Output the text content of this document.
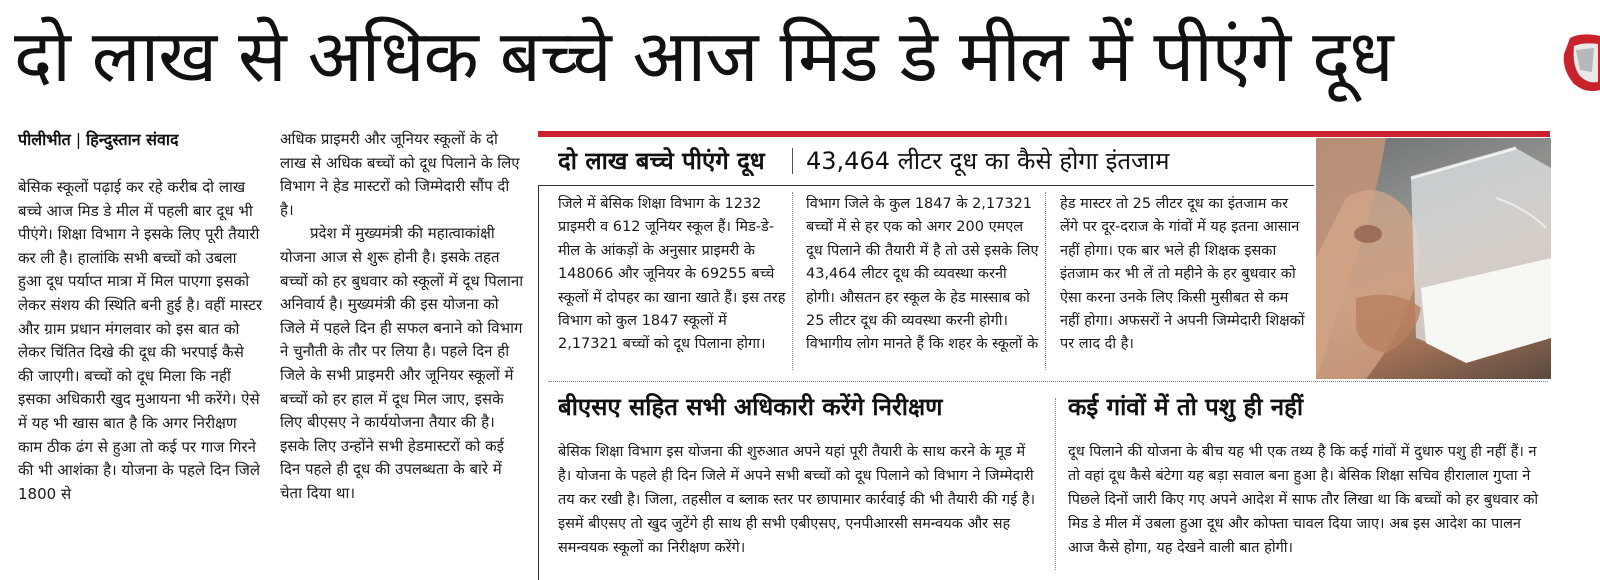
दो लाख से अधिक बच्चे आज मिड डे मील में पीएंगे दूध
पीलीभीत | हिन्दुस्तान संवाद

बेसिक स्कूलों पढ़ाई कर रहे करीब दो लाख बच्चे आज मिड डे मील में पहली बार दूध भी पीएंगे। शिक्षा विभाग ने इसके लिए पूरी तैयारी कर ली है। हालांकि सभी बच्चों को उबला हुआ दूध पर्याप्त मात्रा में मिल पाएगा इसको लेकर संशय की स्थिति बनी हुई है। वहीं मास्टर और ग्राम प्रधान मंगलवार को इस बात को लेकर चिंतित दिखे की दूध की भरपाई कैसे की जाएगी। बच्चों को दूध मिला कि नहीं इसका अधिकारी खुद मुआयना भी करेंगे। ऐसे में यह भी खास बात है कि अगर निरीक्षण काम ठीक ढंग से हुआ तो कई पर गाज गिरने की भी आशंका है। योजना के पहले दिन जिले 1800 से

अधिक प्राइमरी और जूनियर स्कूलों के दो लाख से अधिक बच्चों को दूध पिलाने के लिए विभाग ने हेड मास्टरों को जिम्मेदारी सौंप दी है।

प्रदेश में मुख्यमंत्री की महात्वाकांक्षी योजना आज से शुरू होनी है। इसके तहत बच्चों को हर बुधवार को स्कूलों में दूध पिलाना अनिवार्य है। मुख्यमंत्री की इस योजना को जिले में पहले दिन ही सफल बनाने को विभाग ने चुनौती के तौर पर लिया है। पहले दिन ही जिले के सभी प्राइमरी और जूनियर स्कूलों में बच्चों को हर हाल में दूध मिल जाए, इसके लिए बीएसए ने कार्ययोजना तैयार की है। इसके लिए उन्होंने सभी हेडमास्टरों को कई दिन पहले ही दूध की उपलब्धता के बारे में चेता दिया था।

दो लाख बच्चे पीएंगे दूध	43,464 लीटर दूध का कैसे होगा इंतजाम

जिले में बेसिक शिक्षा विभाग के 1232 प्राइमरी व 612 जूनियर स्कूल हैं। मिड-डे-मील के आंकड़ों के अनुसार प्राइमरी के 148066 और जूनियर के 69255 बच्चे स्कूलों में दोपहर का खाना खाते हैं। इस तरह विभाग को कुल 1847 स्कूलों में 2,17321 बच्चों को दूध पिलाना होगा।

विभाग जिले के कुल 1847 के 2,17321 बच्चों में से हर एक को अगर 200 एमएल दूध पिलाने की तैयारी में है तो उसे इसके लिए 43,464 लीटर दूध की व्यवस्था करनी होगी। औसतन हर स्कूल के हेड मास्साब को 25 लीटर दूध की व्यवस्था करनी होगी। विभागीय लोग मानते हैं कि शहर के स्कूलों के

हेड मास्टर तो 25 लीटर दूध का इंतजाम कर लेंगे पर दूर-दराज के गांवों में यह इतना आसान नहीं होगा। एक बार भले ही शिक्षक इसका इंतजाम कर भी लें तो महीने के हर बुधवार को ऐसा करना उनके लिए किसी मुसीबत से कम नहीं होगा। अफसरों ने अपनी जिम्मेदारी शिक्षकों पर लाद दी है।

बीएसए सहित सभी अधिकारी करेंगे निरीक्षण	कई गांवों में तो पशु ही नहीं

बेसिक शिक्षा विभाग इस योजना की शुरुआत अपने यहां पूरी तैयारी के साथ करने के मूड में है। योजना के पहले ही दिन जिले में अपने सभी बच्चों को दूध पिलाने को विभाग ने जिम्मेदारी तय कर रखी है। जिला, तहसील व ब्लाक स्तर पर छापामार कार्रवाई की भी तैयारी की गई है। इसमें बीएसए तो खुद जुटेंगे ही साथ ही सभी एबीएसए, एनपीआरसी समन्वयक और सह समन्वयक स्कूलों का निरीक्षण करेंगे।

दूध पिलाने की योजना के बीच यह भी एक तथ्य है कि कई गांवों में दुधारु पशु ही नहीं हैं। न तो वहां दूध कैसे बंटेगा यह बड़ा सवाल बना हुआ है। बेसिक शिक्षा सचिव हीरालाल गुप्ता ने पिछले दिनों जारी किए गए अपने आदेश में साफ तौर लिखा था कि बच्चों को हर बुधवार को मिड डे मील में उबला हुआ दूध और कोफ्ता चावल दिया जाए। अब इस आदेश का पालन आज कैसे होगा, यह देखने वाली बात होगी।
